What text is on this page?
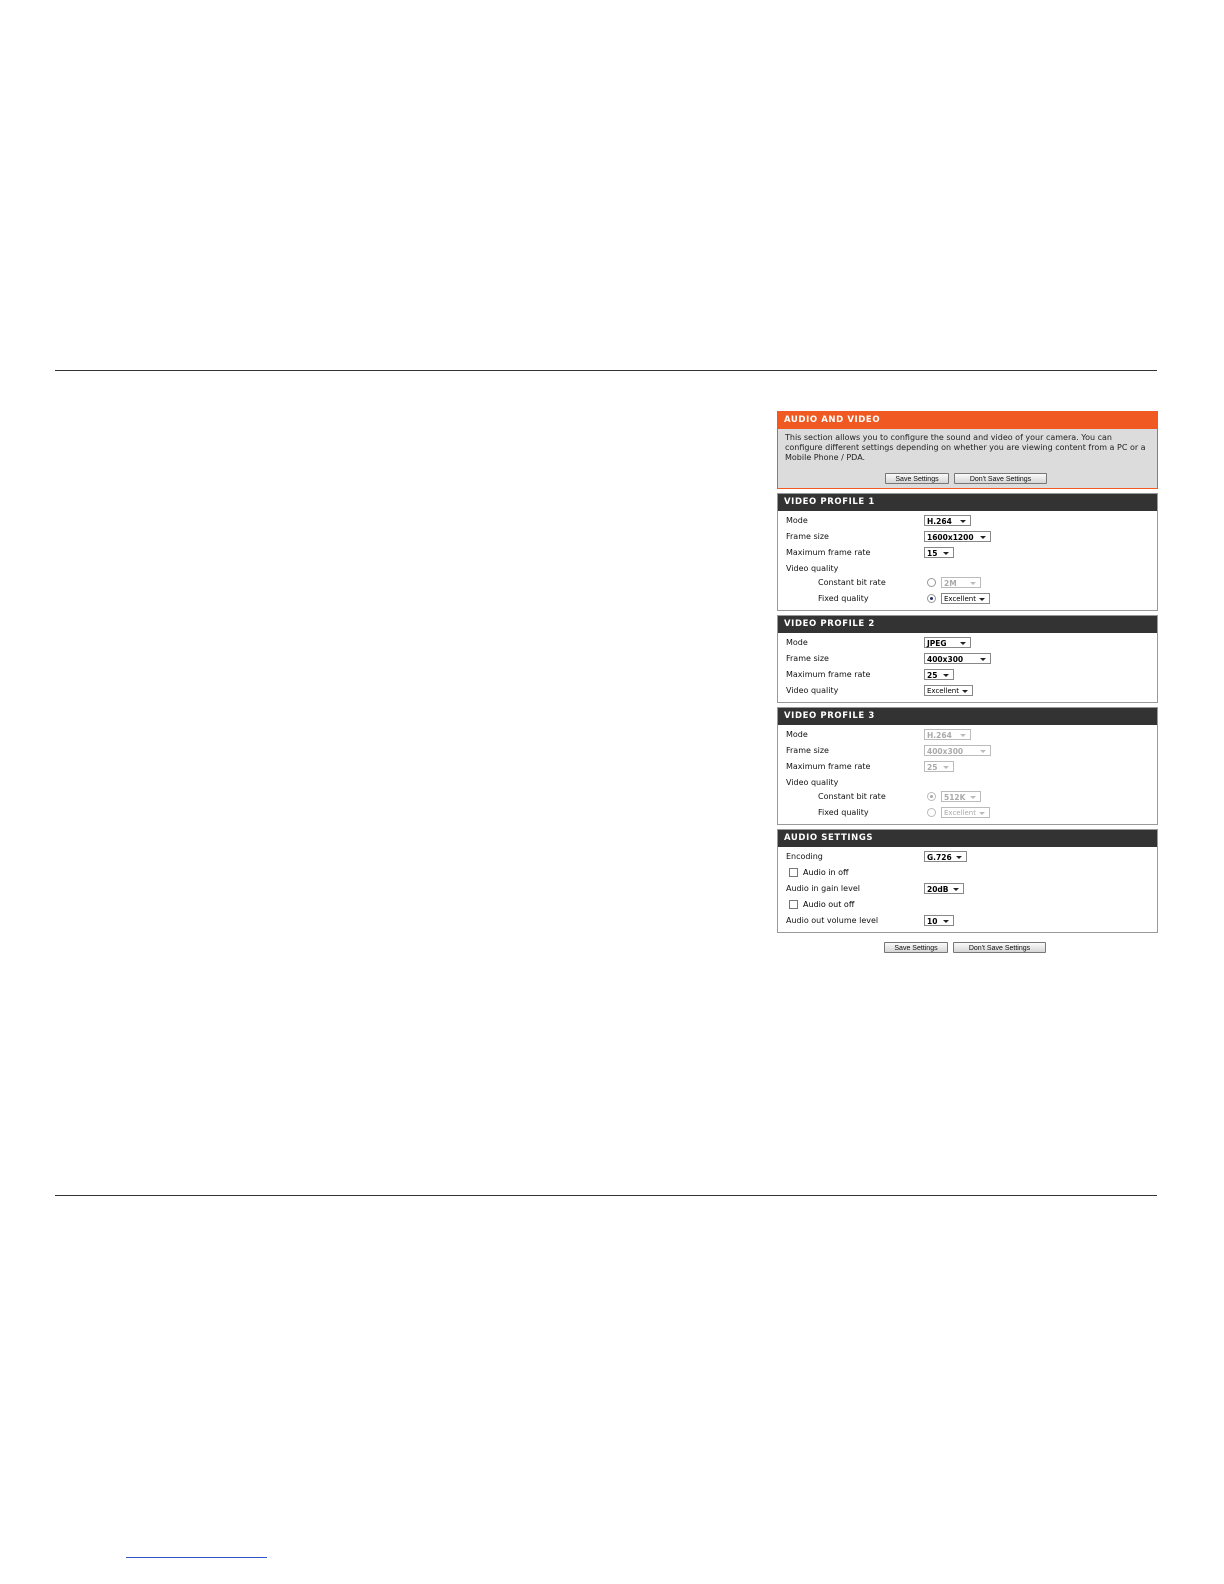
AUDIO AND VIDEO
This section allows you to configure the sound and video of your camera. You can configure different settings depending on whether you are viewing content from a PC or a Mobile Phone / PDA.
Save Settings	Don't Save Settings
VIDEO PROFILE 1
Mode	H.264
Frame size	1600x1200
Maximum frame rate	15
Video quality
Constant bit rate	2M
Fixed quality	Excellent
VIDEO PROFILE 2
Mode	JPEG
Frame size	400x300
Maximum frame rate	25
Video quality	Excellent
VIDEO PROFILE 3
Mode	H.264
Frame size	400x300
Maximum frame rate	25
Video quality
Constant bit rate	512K
Fixed quality	Excellent
AUDIO SETTINGS
Encoding	G.726
Audio in off
Audio in gain level	20dB
Audio out off
Audio out volume level	10
Save Settings	Don't Save Settings
